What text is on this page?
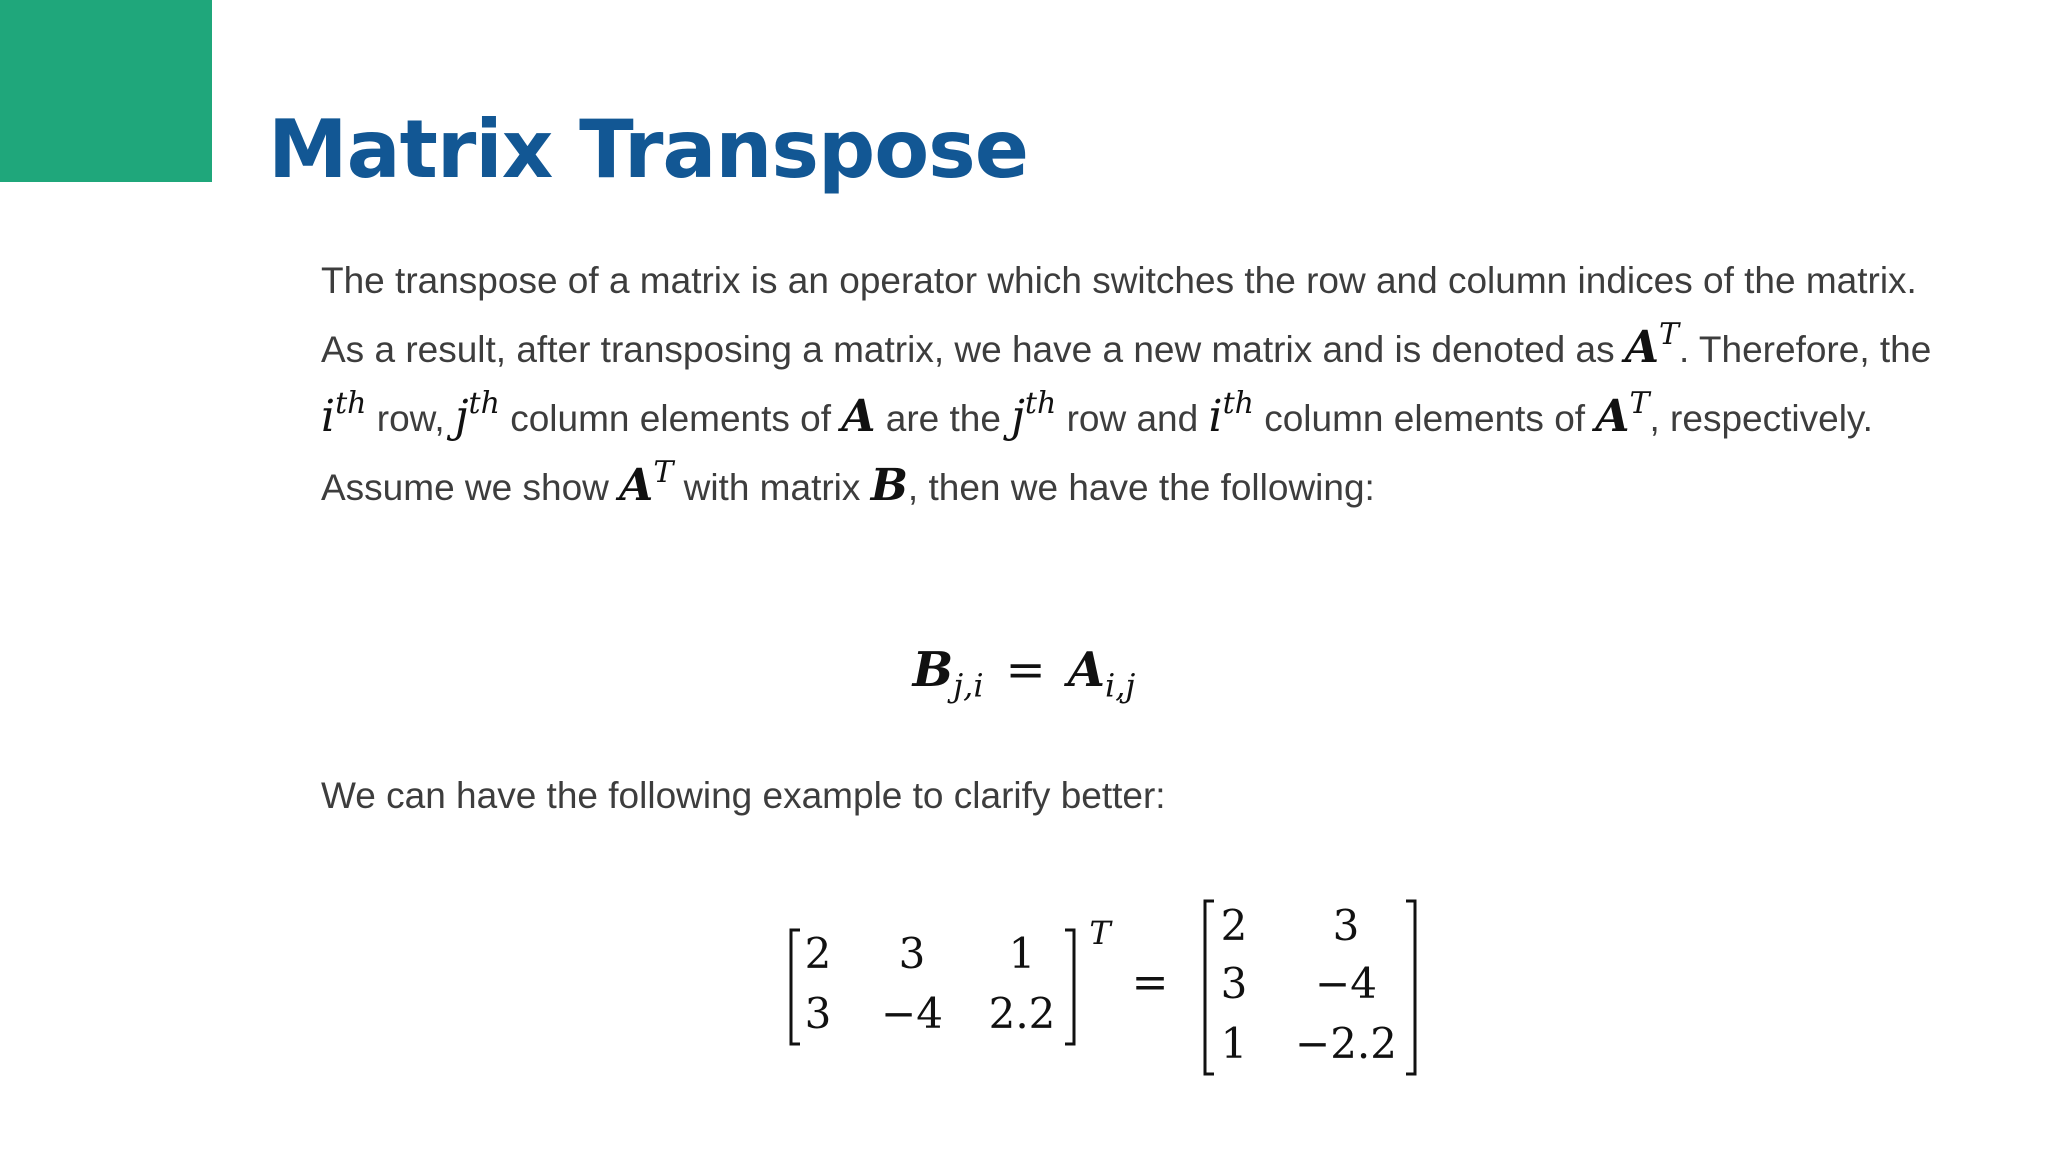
Matrix Transpose

The transpose of a matrix is an operator which switches the row and column indices of the matrix. As a result, after transposing a matrix, we have a new matrix and is denoted as $A^T$. Therefore, the $i^{th}$ row, $j^{th}$ column elements of A are the $j^{th}$ row and $i^{th}$ column elements of $A^T$, respectively. Assume we show $A^T$ with matrix B, then we have the following:

$B_{j,i} = A_{i,j}$

We can have the following example to clarify better:

2 3 1
3 −4 2.2
T
=
2 3
3 −4
1 −2.2
